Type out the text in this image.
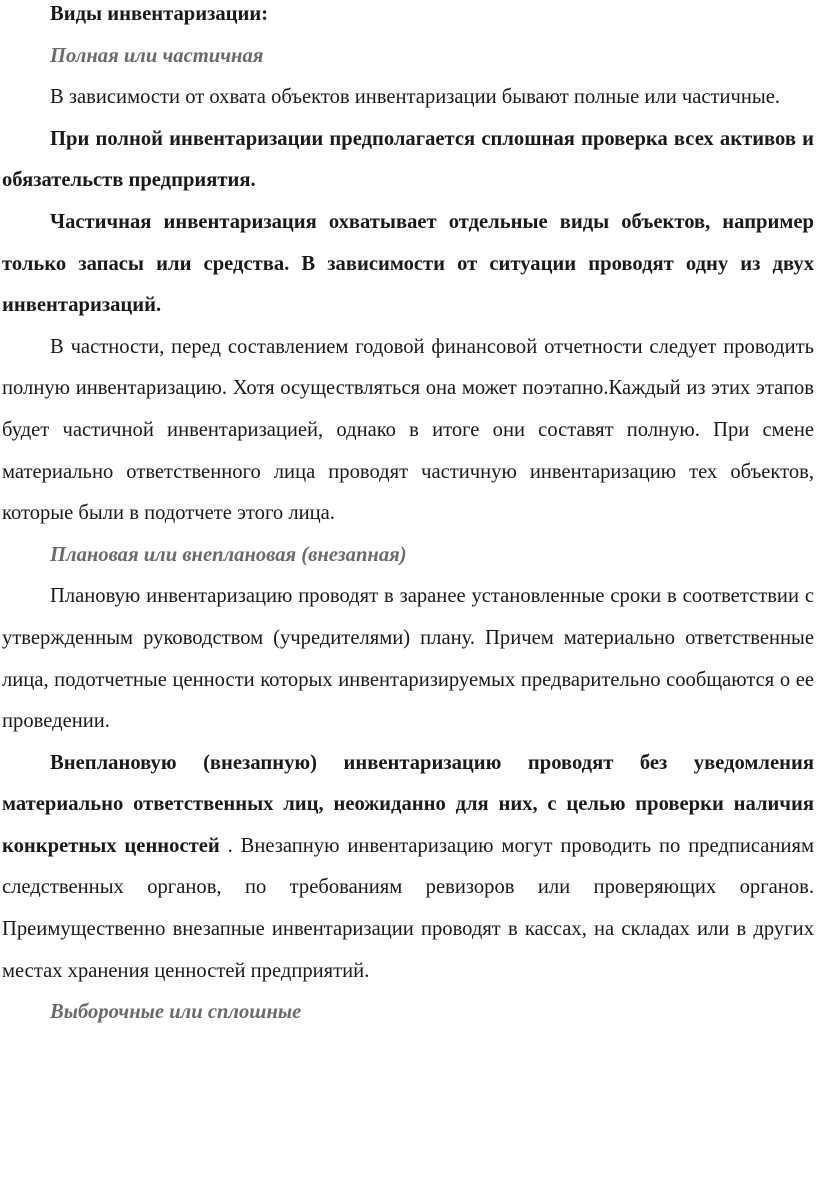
Виды инвентаризации:

Полная или частичная

В зависимости от охвата объектов инвентаризации бывают полные или частичные.

При полной инвентаризации предполагается сплошная проверка всех активов и обязательств предприятия.

Частичная инвентаризация охватывает отдельные виды объектов, например только запасы или средства. В зависимости от ситуации проводят одну из двух инвентаризаций.

В частности, перед составлением годовой финансовой отчетности следует проводить полную инвентаризацию. Хотя осуществляться она может поэтапно.Каждый из этих этапов будет частичной инвентаризацией, однако в итоге они составят полную. При смене материально ответственного лица проводят частичную инвентаризацию тех объектов, которые были в подотчете этого лица.

Плановая или внеплановая (внезапная)

Плановую инвентаризацию проводят в заранее установленные сроки в соответствии с утвержденным руководством (учредителями) плану. Причем материально ответственные лица, подотчетные ценности которых инвентаризируемых предварительно сообщаются о ее проведении.

Внеплановую (внезапную) инвентаризацию проводят без уведомления материально ответственных лиц, неожиданно для них, с целью проверки наличия конкретных ценностей . Внезапную инвентаризацию могут проводить по предписаниям следственных органов, по требованиям ревизоров или проверяющих органов. Преимущественно внезапные инвентаризации проводят в кассах, на складах или в других местах хранения ценностей предприятий.

Выборочные или сплошные
